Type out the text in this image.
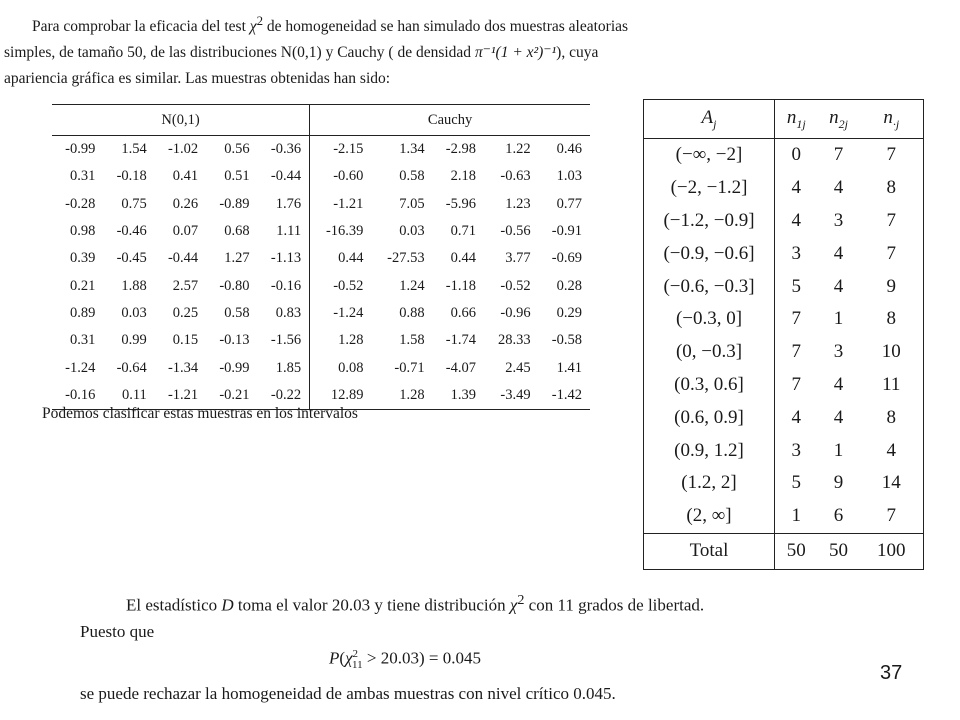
Para comprobar la eficacia del test $\chi^2$ de homogeneidad se han simulado dos muestras aleatorias simples, de tamaño 50, de las distribuciones N(0,1) y Cauchy ( de densidad π⁻¹(1 + x²)⁻¹), cuya apariencia gráfica es similar. Las muestras obtenidas han sido:

N(0,1)					Cauchy				
-0.99	1.54	-1.02	0.56	-0.36	-2.15	1.34	-2.98	1.22	0.46
0.31	-0.18	0.41	0.51	-0.44	-0.60	0.58	2.18	-0.63	1.03
-0.28	0.75	0.26	-0.89	1.76	-1.21	7.05	-5.96	1.23	0.77
0.98	-0.46	0.07	0.68	1.11	-16.39	0.03	0.71	-0.56	-0.91
0.39	-0.45	-0.44	1.27	-1.13	0.44	-27.53	0.44	3.77	-0.69
0.21	1.88	2.57	-0.80	-0.16	-0.52	1.24	-1.18	-0.52	0.28
0.89	0.03	0.25	0.58	0.83	-1.24	0.88	0.66	-0.96	0.29
0.31	0.99	0.15	-0.13	-1.56	1.28	1.58	-1.74	28.33	-0.58
-1.24	-0.64	-1.34	-0.99	1.85	0.08	-0.71	-4.07	2.45	1.41
-0.16	0.11	-1.21	-0.21	-0.22	12.89	1.28	1.39	-3.49	-1.42

Podemos clasificar estas muestras en los intervalos

$A_j$	$n_{1j}$	$n_{2j}$	$n_{\cdot j}$
(−∞, −2]	0	7	7
(−2, −1.2]	4	4	8
(−1.2, −0.9]	4	3	7
(−0.9, −0.6]	3	4	7
(−0.6, −0.3]	5	4	9
(−0.3, 0]	7	1	8
(0, −0.3]	7	3	10
(0.3, 0.6]	7	4	11
(0.6, 0.9]	4	4	8
(0.9, 1.2]	3	1	4
(1.2, 2]	5	9	14
(2, ∞]	1	6	7
Total	50	50	100

El estadístico D toma el valor 20.03 y tiene distribución $\chi^2$ con 11 grados de libertad.

Puesto que

$P(\chi^2_{11} > 20.03) = 0.045$

se puede rechazar la homogeneidad de ambas muestras con nivel crítico 0.045.

37
